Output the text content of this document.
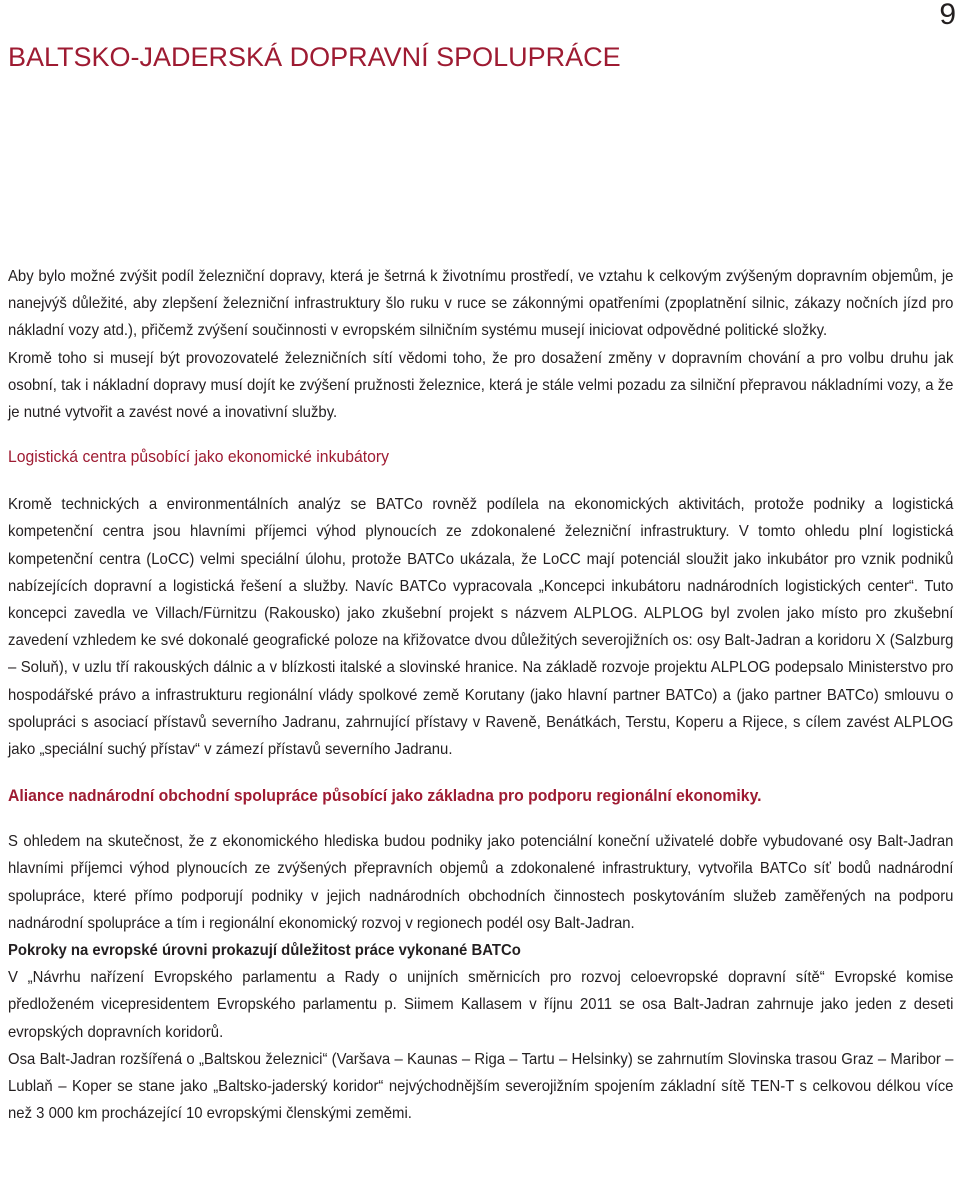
9
BALTSKO-JADERSKÁ DOPRAVNÍ SPOLUPRÁCE

Aby bylo možné zvýšit podíl železniční dopravy, která je šetrná k životnímu prostředí, ve vztahu k celkovým zvýšeným dopravním objemům, je nanejvýš důležité, aby zlepšení železniční infrastruktury šlo ruku v ruce se zákonnými opatřeními (zpoplatnění silnic, zákazy nočních jízd pro nákladní vozy atd.), přičemž zvýšení součinnosti v evropském silničním systému musejí iniciovat odpovědné politické složky.

Kromě toho si musejí být provozovatelé železničních sítí vědomi toho, že pro dosažení změny v dopravním chování a pro volbu druhu jak osobní, tak i nákladní dopravy musí dojít ke zvýšení pružnosti železnice, která je stále velmi pozadu za silniční přepravou nákladními vozy, a že je nutné vytvořit a zavést nové a inovativní služby.

Logistická centra působící jako ekonomické inkubátory

Kromě technických a environmentálních analýz se BATCo rovněž podílela na ekonomických aktivitách, protože podniky a logistická kompetenční centra jsou hlavními příjemci výhod plynoucích ze zdokonalené železniční infrastruktury. V tomto ohledu plní logistická kompetenční centra (LoCC) velmi speciální úlohu, protože BATCo ukázala, že LoCC mají potenciál sloužit jako inkubátor pro vznik podniků nabízejících dopravní a logistická řešení a služby. Navíc BATCo vypracovala „Koncepci inkubátoru nadnárodních logistických center“. Tuto koncepci zavedla ve Villach/Fürnitzu (Rakousko) jako zkušební projekt s názvem ALPLOG. ALPLOG byl zvolen jako místo pro zkušební zavedení vzhledem ke své dokonalé geografické poloze na křižovatce dvou důležitých severojižních os: osy Balt-Jadran a koridoru X (Salzburg – Soluň), v uzlu tří rakouských dálnic a v blízkosti italské a slovinské hranice. Na základě rozvoje projektu ALPLOG podepsalo Ministerstvo pro hospodářské právo a infrastrukturu regionální vlády spolkové země Korutany (jako hlavní partner BATCo) a (jako partner BATCo) smlouvu o spolupráci s asociací přístavů severního Jadranu, zahrnující přístavy v Raveně, Benátkách, Terstu, Koperu a Rijece, s cílem zavést ALPLOG jako „speciální suchý přístav“ v zámezí přístavů severního Jadranu.

Aliance nadnárodní obchodní spolupráce působící jako základna pro podporu regionální ekonomiky.

S ohledem na skutečnost, že z ekonomického hlediska budou podniky jako potenciální koneční uživatelé dobře vybudované osy Balt-Jadran hlavními příjemci výhod plynoucích ze zvýšených přepravních objemů a zdokonalené infrastruktury, vytvořila BATCo síť bodů nadnárodní spolupráce, které přímo podporují podniky v jejich nadnárodních obchodních činnostech poskytováním služeb zaměřených na podporu nadnárodní spolupráce a tím i regionální ekonomický rozvoj v regionech podél osy Balt-Jadran.

Pokroky na evropské úrovni prokazují důležitost práce vykonané BATCo

V „Návrhu nařízení Evropského parlamentu a Rady o unijních směrnicích pro rozvoj celoevropské dopravní sítě“ Evropské komise předloženém vicepresidentem Evropského parlamentu p. Siimem Kallasem v říjnu 2011 se osa Balt-Jadran zahrnuje jako jeden z deseti evropských dopravních koridorů.

Osa Balt-Jadran rozšířená o „Baltskou železnici“ (Varšava – Kaunas – Riga – Tartu – Helsinky) se zahrnutím Slovinska trasou Graz – Maribor – Lublaň – Koper se stane jako „Baltsko-jaderský koridor“ nejvýchodnějším severojižním spojením základní sítě TEN-T s celkovou délkou více než 3 000 km procházející 10 evropskými členskými zeměmi.
